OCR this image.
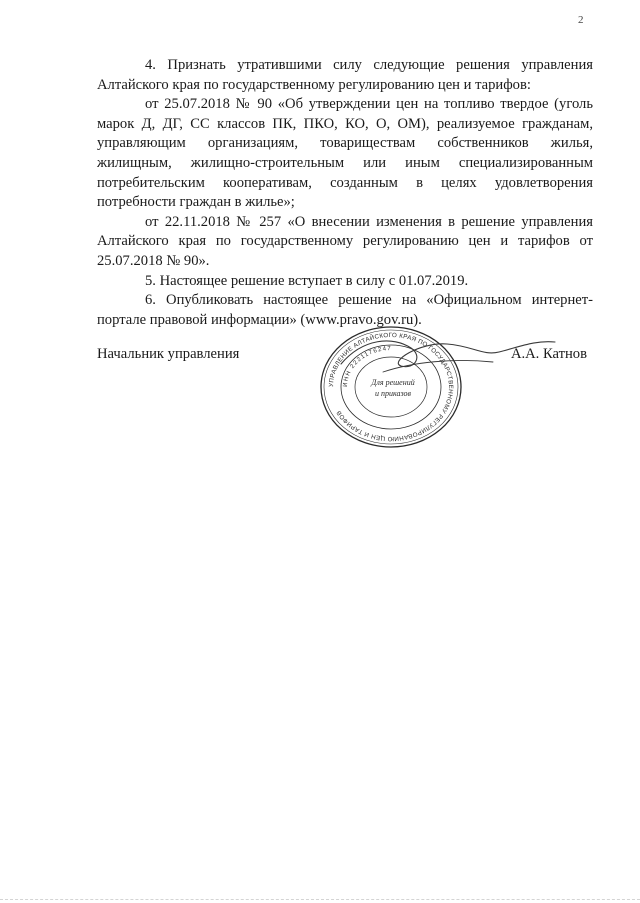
2

4. Признать утратившими силу следующие решения управления Алтайского края по государственному регулированию цен и тарифов:

от 25.07.2018 № 90 «Об утверждении цен на топливо твердое (уголь марок Д, ДГ, СС классов ПК, ПКО, КО, О, ОМ), реализуемое гражданам, управляющим организациям, товариществам собственников жилья, жилищным, жилищно-строительным или иным специализированным потребительским кооперативам, созданным в целях удовлетворения потребности граждан в жилье»;

от 22.11.2018 № 257 «О внесении изменения в решение управления Алтайского края по государственному регулированию цен и тарифов от 25.07.2018 № 90».

5. Настоящее решение вступает в силу с 01.07.2019.

6. Опубликовать настоящее решение на «Официальном интернет-портале правовой информации» (www.pravo.gov.ru).

Начальник управления
УПРАВЛЕНИЕ АЛТАЙСКОГО КРАЯ ПО ГОСУДАРСТВЕННОМУ РЕГУЛИРОВАНИЮ ЦЕН И ТАРИФОВ
ИНН 2221176247
Для решений
и приказов
А.А. Катнов
